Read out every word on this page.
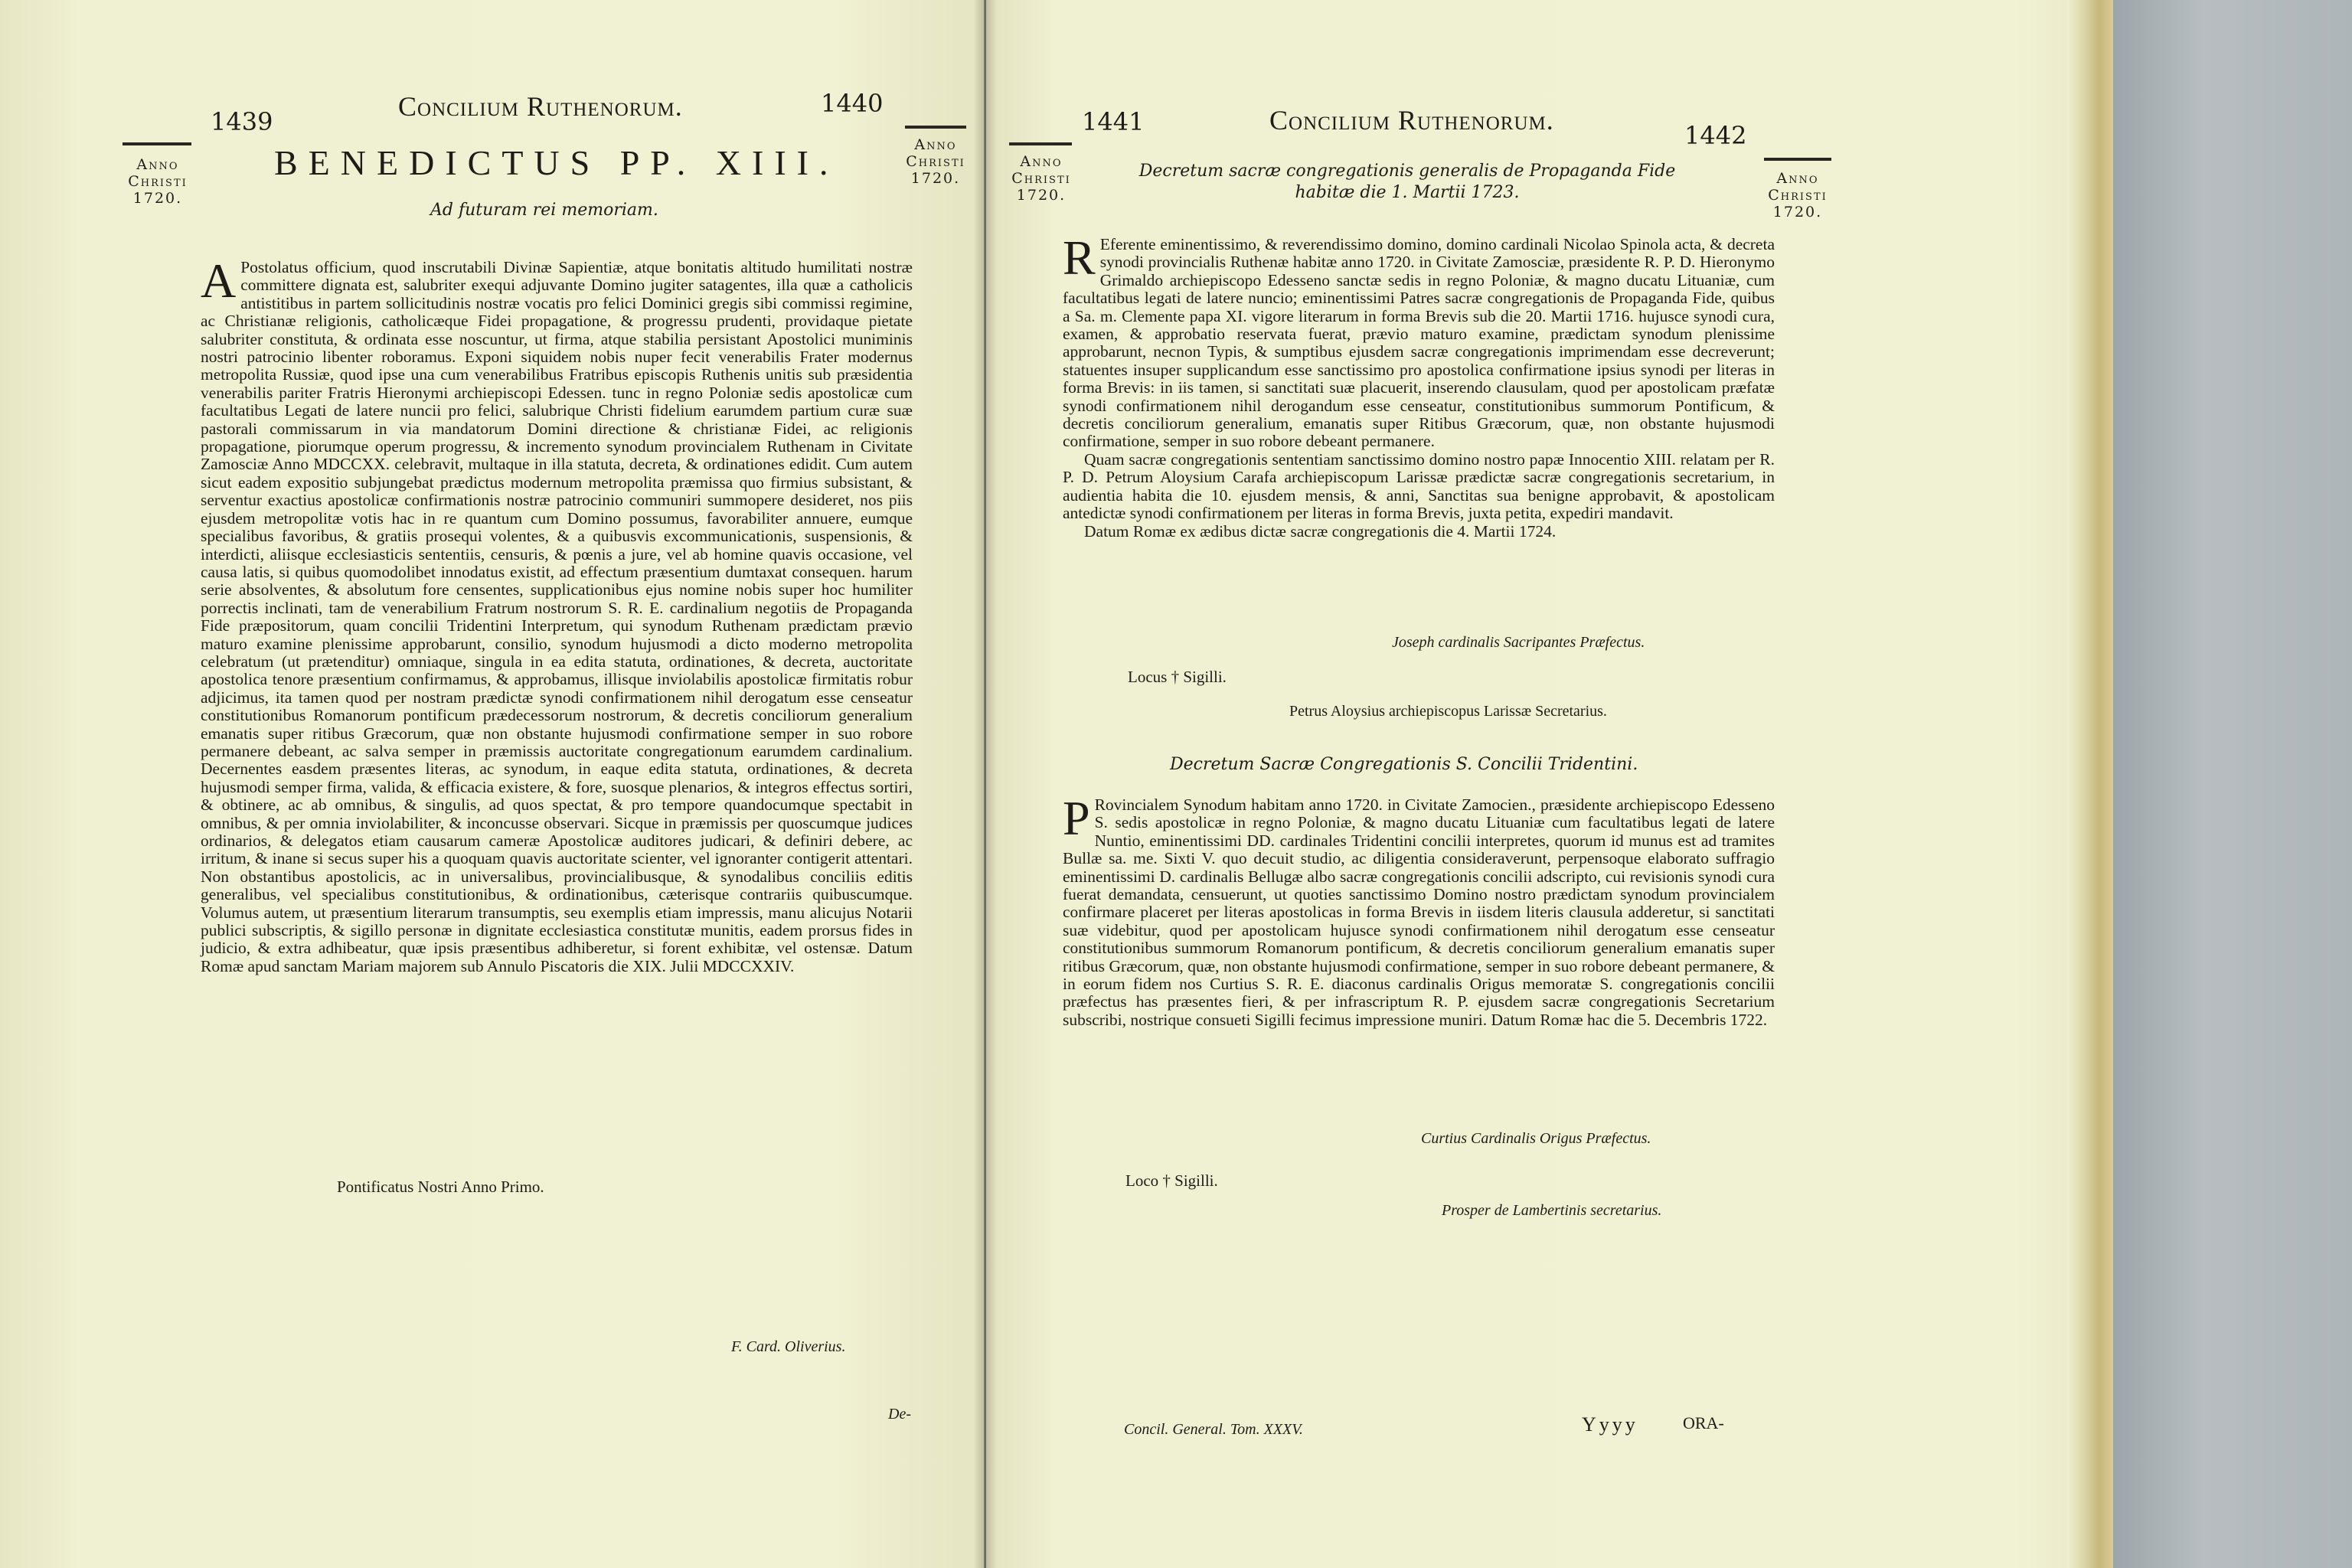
1439	Concilium Ruthenorum.	1440
Anno Christi 1720.
Anno Christi 1720.
BENEDICTUS PP. XIII.
Ad futuram rei memoriam.
A Postolatus officium, quod inscrutabili Divinæ Sapientiæ, atque bonitatis altitudo humilitati nostræ committere dignata est, salubriter exequi adjuvante Domino jugiter satagentes, illa quæ a catholicis antistitibus in partem sollicitudinis nostræ vocatis pro felici Dominici gregis sibi commissi regimine, ac Christianæ religionis, catholicæque Fidei propagatione, & progressu prudenti, providaque pietate salubriter constituta, & ordinata esse noscuntur, ut firma, atque stabilia persistant Apostolici muniminis nostri patrocinio libenter roboramus. Exponi siquidem nobis nuper fecit venerabilis Frater modernus metropolita Russiæ, quod ipse una cum venerabilibus Fratribus episcopis Ruthenis unitis sub præsidentia venerabilis pariter Fratris Hieronymi archiepiscopi Edessen. tunc in regno Poloniæ sedis apostolicæ cum facultatibus Legati de latere nuncii pro felici, salubrique Christi fidelium earumdem partium curæ suæ pastorali commissarum in via mandatorum Domini directione & christianæ Fidei, ac religionis propagatione, piorumque operum progressu, & incremento synodum provincialem Ruthenam in Civitate Zamosciæ Anno MDCCXX. celebravit, multaque in illa statuta, decreta, & ordinationes edidit. Cum autem sicut eadem expositio subjungebat prædictus modernum metropolita præmissa quo firmius subsistant, & serventur exactius apostolicæ confirmationis nostræ patrocinio communiri summopere desideret, nos piis ejusdem metropolitæ votis hac in re quantum cum Domino possumus, favorabiliter annuere, eumque specialibus favoribus, & gratiis prosequi volentes, & a quibusvis excommunicationis, suspensionis, & interdicti, aliisque ecclesiasticis sententiis, censuris, & pœnis a jure, vel ab homine quavis occasione, vel causa latis, si quibus quomodolibet innodatus existit, ad effectum præsentium dumtaxat consequen. harum serie absolventes, & absolutum fore censentes, supplicationibus ejus nomine nobis super hoc humiliter porrectis inclinati, tam de venerabilium Fratrum nostrorum S. R. E. cardinalium negotiis de Propaganda Fide præpositorum, quam concilii Tridentini Interpretum, qui synodum Ruthenam prædictam prævio maturo examine plenissime approbarunt, consilio, synodum hujusmodi a dicto moderno metropolita celebratum (ut prætenditur) omniaque, singula in ea edita statuta, ordinationes, & decreta, auctoritate apostolica tenore præsentium confirmamus, & approbamus, illisque inviolabilis apostolicæ firmitatis robur adjicimus, ita tamen quod per nostram prædictæ synodi confirmationem nihil derogatum esse censeatur constitutionibus Romanorum pontificum prædecessorum nostrorum, & decretis conciliorum generalium emanatis super ritibus Græcorum, quæ non obstante hujusmodi confirmatione semper in suo robore permanere debeant, ac salva semper in præmissis auctoritate congregationum earumdem cardinalium. Decernentes easdem præsentes literas, ac synodum, in eaque edita statuta, ordinationes, & decreta hujusmodi semper firma, valida, & efficacia existere, & fore, suosque plenarios, & integros effectus sortiri, & obtinere, ac ab omnibus, & singulis, ad quos spectat, & pro tempore quandocumque spectabit in omnibus, & per omnia inviolabiliter, & inconcusse observari. Sicque in præmissis per quoscumque judices ordinarios, & delegatos etiam causarum cameræ Apostolicæ auditores judicari, & definiri debere, ac irritum, & inane si secus super his a quoquam quavis auctoritate scienter, vel ignoranter contigerit attentari. Non obstantibus apostolicis, ac in universalibus, provincialibusque, & synodalibus conciliis editis generalibus, vel specialibus constitutionibus, & ordinationibus, cæterisque contrariis quibuscumque. Volumus autem, ut præsentium literarum transumptis, seu exemplis etiam impressis, manu alicujus Notarii publici subscriptis, & sigillo personæ in dignitate ecclesiastica constitutæ munitis, eadem prorsus fides in judicio, & extra adhibeatur, quæ ipsis præsentibus adhiberetur, si forent exhibitæ, vel ostensæ. Datum Romæ apud sanctam Mariam majorem sub Annulo Piscatoris die XIX. Julii MDCCXXIV.

Pontificatus Nostri Anno Primo.
F. Card. Oliverius.
De-
1441	Concilium Ruthenorum.	1442
Anno Christi 1720.
Anno Christi 1720.
Decretum sacræ congregationis generalis de Propaganda Fide habitæ die 1. Martii 1723.
R Eferente eminentissimo, & reverendissimo domino, domino cardinali Nicolao Spinola acta, & decreta synodi provincialis Ruthenæ habitæ anno 1720. in Civitate Zamosciæ, præsidente R. P. D. Hieronymo Grimaldo archiepiscopo Edesseno sanctæ sedis in regno Poloniæ, & magno ducatu Lituaniæ, cum facultatibus legati de latere nuncio; eminentissimi Patres sacræ congregationis de Propaganda Fide, quibus a Sa. m. Clemente papa XI. vigore literarum in forma Brevis sub die 20. Martii 1716. hujusce synodi cura, examen, & approbatio reservata fuerat, prævio maturo examine, prædictam synodum plenissime approbarunt, necnon Typis, & sumptibus ejusdem sacræ congregationis imprimendam esse decreverunt; statuentes insuper supplicandum esse sanctissimo pro apostolica confirmatione ipsius synodi per literas in forma Brevis: in iis tamen, si sanctitati suæ placuerit, inserendo clausulam, quod per apostolicam præfatæ synodi confirmationem nihil derogandum esse censeatur, constitutionibus summorum Pontificum, & decretis conciliorum generalium, emanatis super Ritibus Græcorum, quæ, non obstante hujusmodi confirmatione, semper in suo robore debeant permanere.

Quam sacræ congregationis sententiam sanctissimo domino nostro papæ Innocentio XIII. relatam per R. P. D. Petrum Aloysium Carafa archiepiscopum Larissæ prædictæ sacræ congregationis secretarium, in audientia habita die 10. ejusdem mensis, & anni, Sanctitas sua benigne approbavit, & apostolicam antedictæ synodi confirmationem per literas in forma Brevis, juxta petita, expediri mandavit.

Datum Romæ ex ædibus dictæ sacræ congregationis die 4. Martii 1724.

Joseph cardinalis Sacripantes Præfectus.
Locus † Sigilli.
Petrus Aloysius archiepiscopus Larissæ Secretarius.
Decretum Sacræ Congregationis S. Concilii Tridentini.
P Rovincialem Synodum habitam anno 1720. in Civitate Zamocien., præsidente archiepiscopo Edesseno S. sedis apostolicæ in regno Poloniæ, & magno ducatu Lituaniæ cum facultatibus legati de latere Nuntio, eminentissimi DD. cardinales Tridentini concilii interpretes, quorum id munus est ad tramites Bullæ sa. me. Sixti V. quo decuit studio, ac diligentia consideraverunt, perpensoque elaborato suffragio eminentissimi D. cardinalis Bellugæ albo sacræ congregationis concilii adscripto, cui revisionis synodi cura fuerat demandata, censuerunt, ut quoties sanctissimo Domino nostro prædictam synodum provincialem confirmare placeret per literas apostolicas in forma Brevis in iisdem literis clausula adderetur, si sanctitati suæ videbitur, quod per apostolicam hujusce synodi confirmationem nihil derogatum esse censeatur constitutionibus summorum Romanorum pontificum, & decretis conciliorum generalium emanatis super ritibus Græcorum, quæ, non obstante hujusmodi confirmatione, semper in suo robore debeant permanere, & in eorum fidem nos Curtius S. R. E. diaconus cardinalis Origus memoratæ S. congregationis concilii præfectus has præsentes fieri, & per infrascriptum R. P. ejusdem sacræ congregationis Secretarium subscribi, nostrique consueti Sigilli fecimus impressione muniri. Datum Romæ hac die 5. Decembris 1722.

Curtius Cardinalis Origus Præfectus.
Loco † Sigilli.
Prosper de Lambertinis secretarius.
Concil. General. Tom. XXXV.	Yyyy	ORA-
